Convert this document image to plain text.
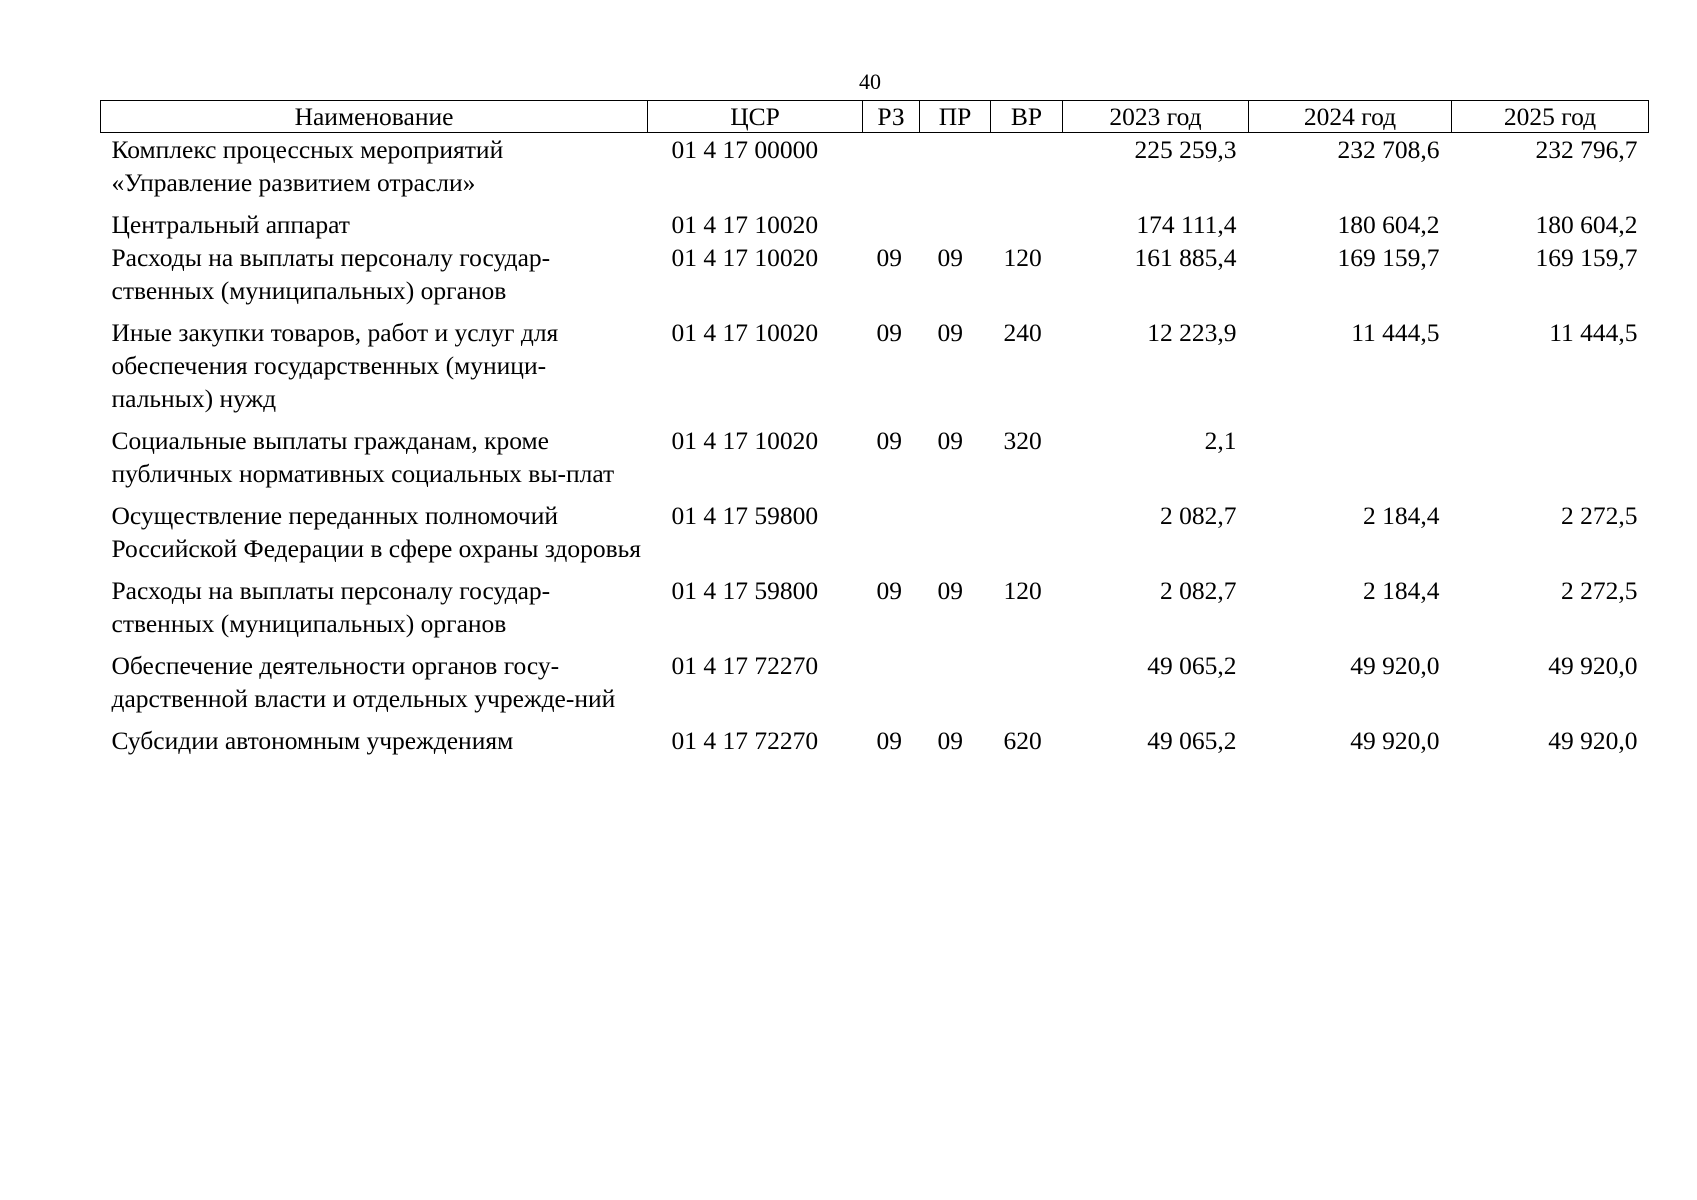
40
Наименование	ЦСР	РЗ	ПР	ВР	2023 год	2024 год	2025 год
Комплекс процессных мероприятий «Управление развитием отрасли»	01 4 17 00000				225 259,3	232 708,6	232 796,7
Центральный аппарат	01 4 17 10020				174 111,4	180 604,2	180 604,2
Расходы на выплаты персоналу государ-ственных (муниципальных) органов	01 4 17 10020	09	09	120	161 885,4	169 159,7	169 159,7
Иные закупки товаров, работ и услуг для обеспечения государственных (муници-пальных) нужд	01 4 17 10020	09	09	240	12 223,9	11 444,5	11 444,5
Социальные выплаты гражданам, кроме публичных нормативных социальных вы-плат	01 4 17 10020	09	09	320	2,1		
Осуществление переданных полномочий Российской Федерации в сфере охраны здоровья	01 4 17 59800				2 082,7	2 184,4	2 272,5
Расходы на выплаты персоналу государ-ственных (муниципальных) органов	01 4 17 59800	09	09	120	2 082,7	2 184,4	2 272,5
Обеспечение деятельности органов госу-дарственной власти и отдельных учрежде-ний	01 4 17 72270				49 065,2	49 920,0	49 920,0
Субсидии автономным учреждениям	01 4 17 72270	09	09	620	49 065,2	49 920,0	49 920,0
